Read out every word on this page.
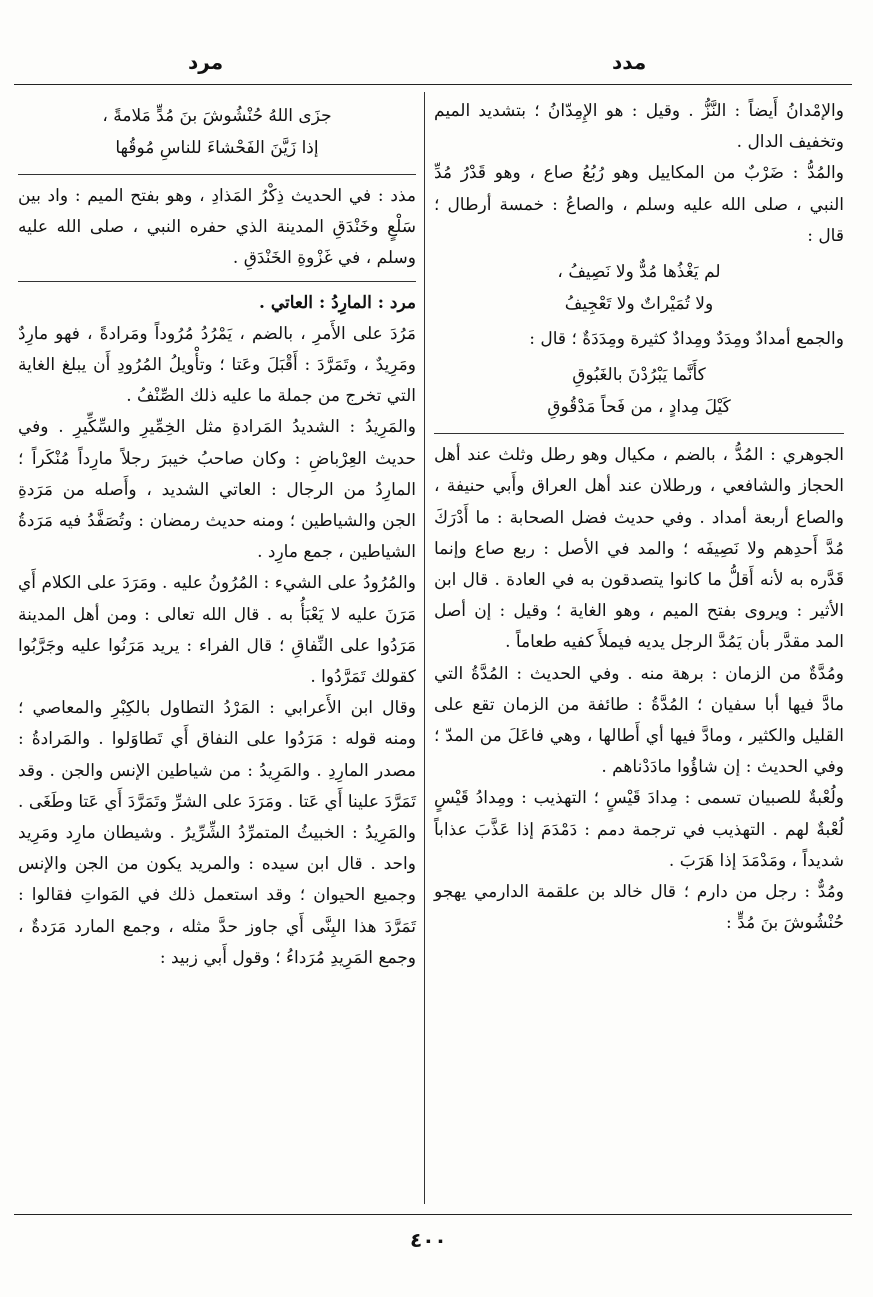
مدد
مرد

والإمْدانُ أَيضاً : النَّزُّ . وقيل : هو الإِمِدّانُ ؛ بتشديد الميم وتخفيف الدال .

والمُدُّ : ضَرْبٌ من المكاييل وهو رُبُعُ صاع ، وهو قَدْرُ مُدِّ النبي ، صلى الله عليه وسلم ، والصاعُ : خمسة أرطال ؛ قال :

لم يَغْذُها مُدٌّ ولا نَصِيفُ ،

ولا تُمَيْراتٌ ولا تَعْجِيفُ

والجمع أمدادٌ ومِدَدٌ ومِدادٌ كثيرة ومِدَدَةٌ ؛ قال :

كأَنَّما يَبْرُدْنَ بالغَبُوقِ

كَيْلَ مِدادٍ ، من فَحاً مَدْقُوقِ

الجوهري : المُدُّ ، بالضم ، مكيال وهو رطل وثلث عند أهل الحجاز والشافعي ، ورطلان عند أهل العراق وأَبي حنيفة ، والصاع أربعة أمداد . وفي حديث فضل الصحابة : ما أَدْرَكَ مُدَّ أَحدِهم ولا نَصِيفَه ؛ والمد في الأصل : ربع صاع وإنما قَدَّره به لأنه أَقلُّ ما كانوا يتصدقون به في العادة . قال ابن الأثير : ويروى بفتح الميم ، وهو الغاية ؛ وقيل : إن أصل المد مقدَّر بأن يَمُدَّ الرجل يديه فيملأَ كفيه طعاماً .

ومُدَّةٌ من الزمان : برهة منه . وفي الحديث : المُدَّةُ التي مادَّ فيها أبا سفيان ؛ المُدَّةُ : طائفة من الزمان تقع على القليل والكثير ، ومادَّ فيها أي أَطالها ، وهي فاعَلَ من المدّ ؛ وفي الحديث : إن شاؤُوا مادَدْناهم .

ولُعْبةٌ للصبيان تسمى : مِدادَ قَيْسٍ ؛ التهذيب : ومِدادُ قَيْسٍ لُعْبةٌ لهم . التهذيب في ترجمة دمم : دَمْدَمَ إذا عَذَّبَ عذاباً شديداً ، ومَدْمَدَ إذا هَرَبَ .

ومُدٌّ : رجل من دارم ؛ قال خالد بن علقمة الدارمي يهجو حُنْشُوشَ بنَ مُدٍّ :

جزَى اللهُ حُنْشُوشَ بنَ مُدٍّ مَلامةً ،

إذا زَيَّنَ الفَحْشاءَ للناسِ مُوقُها

مذد : في الحديث ذِكْرُ المَذادِ ، وهو بفتح الميم : واد بين سَلْعٍ وخَنْدَقِ المدينة الذي حفره النبي ، صلى الله عليه وسلم ، في غَزْوةِ الخَنْدَقِ .

مرد : المارِدُ : العاتي .

مَرُدَ على الأَمرِ ، بالضم ، يَمْرُدُ مُرُوداً ومَرادةً ، فهو مارِدٌ ومَرِيدٌ ، وتَمَرَّدَ : أَقْبَلَ وعَتا ؛ وتأْويلُ المُرُودِ أَن يبلغ الغاية التي تخرج من جملة ما عليه ذلك الصِّنْفُ .

والمَرِيدُ : الشديدُ المَرادةِ مثل الخِمِّيرِ والسِّكِّيرِ . وفي حديث العِرْباضِ : وكان صاحبُ خيبرَ رجلاً مارِداً مُنْكَراً ؛ المارِدُ من الرجال : العاتي الشديد ، وأَصله من مَرَدةِ الجن والشياطين ؛ ومنه حديث رمضان : وتُصَفَّدُ فيه مَرَدةُ الشياطين ، جمع مارِد .

والمُرُودُ على الشيء : المُرُونُ عليه . ومَرَدَ على الكلام أَي مَرَنَ عليه لا يَعْبَأُ به . قال الله تعالى : ومن أهل المدينة مَرَدُوا على النِّفاقِ ؛ قال الفراء : يريد مَرَنُوا عليه وجَرَّبُوا كقولك تَمَرَّدُوا .

وقال ابن الأَعرابي : المَرْدُ التطاول بالكِبْرِ والمعاصي ؛ ومنه قوله : مَرَدُوا على النفاق أَي تَطاوَلوا . والمَرادةُ : مصدر المارِدِ . والمَرِيدُ : من شياطين الإنس والجن . وقد تَمَرَّدَ علينا أَي عَتا . ومَرَدَ على الشرِّ وتَمَرَّدَ أَي عَتا وطَغَى . والمَرِيدُ : الخبيثُ المتمرِّدُ الشِّرِّيرُ . وشيطان مارِد ومَرِيد واحد . قال ابن سيده : والمريد يكون من الجن والإنس وجميع الحيوان ؛ وقد استعمل ذلك في المَواتِ فقالوا : تَمَرَّدَ هذا البِنَّى أَي جاوز حدَّ مثله ، وجمع المارد مَرَدةٌ ، وجمع المَرِيدِ مُرَداءُ ؛ وقول أَبي زبيد :

٤٠٠
